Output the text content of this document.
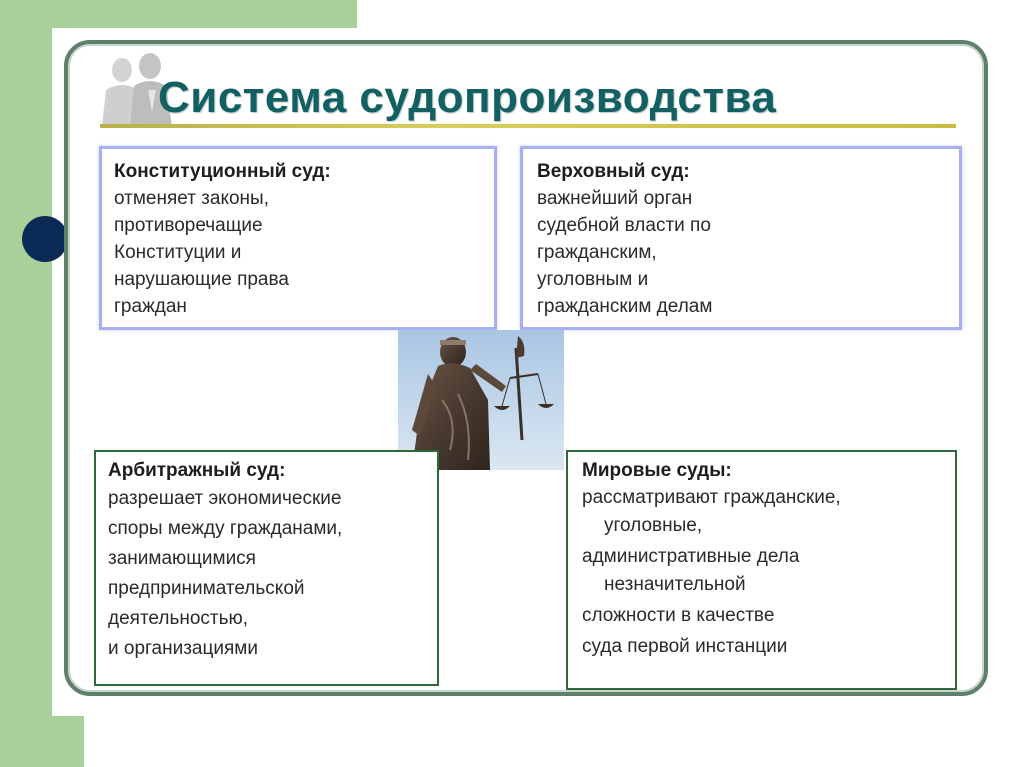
Система судопроизводства
Конституционный суд:
отменяет законы,
противоречащие
Конституции и
нарушающие права
граждан
Верховный суд:
важнейший орган
судебной власти по
гражданским,
уголовным и
гражданским делам
Арбитражный суд:
разрешает экономические
споры между гражданами,
занимающимися
предпринимательской
деятельностью,
и организациями
Мировые суды:
рассматривают гражданские,
уголовные,
административные дела
незначительной
сложности в качестве
суда первой инстанции
